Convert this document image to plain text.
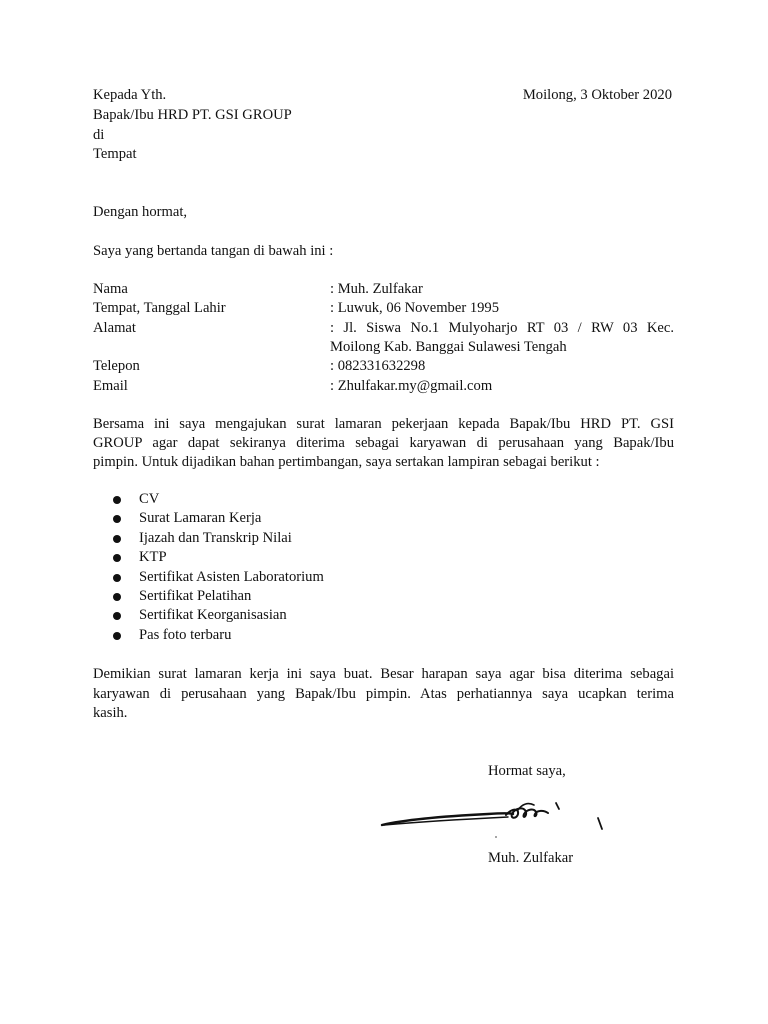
Kepada Yth.	Moilong, 3 Oktober 2020
Bapak/Ibu HRD PT. GSI GROUP
di
Tempat
Dengan hormat,
Saya yang bertanda tangan di bawah ini :
Nama	: Muh. Zulfakar
Tempat, Tanggal Lahir	: Luwuk, 06 November 1995
Alamat	: Jl. Siswa No.1 Mulyoharjo RT 03 / RW 03 Kec.
Moilong Kab. Banggai Sulawesi Tengah
Telepon	: 082331632298
Email	: Zhulfakar.my@gmail.com
Bersama ini saya mengajukan surat lamaran pekerjaan kepada Bapak/Ibu HRD PT. GSI
GROUP agar dapat sekiranya diterima sebagai karyawan di perusahaan yang Bapak/Ibu
pimpin. Untuk dijadikan bahan pertimbangan, saya sertakan lampiran sebagai berikut :
CV
Surat Lamaran Kerja
Ijazah dan Transkrip Nilai
KTP
Sertifikat Asisten Laboratorium
Sertifikat Pelatihan
Sertifikat Keorganisasian
Pas foto terbaru
Demikian surat lamaran kerja ini saya buat. Besar harapan saya agar bisa diterima sebagai
karyawan di perusahaan yang Bapak/Ibu pimpin. Atas perhatiannya saya ucapkan terima
kasih.
Hormat saya,
Muh. Zulfakar
